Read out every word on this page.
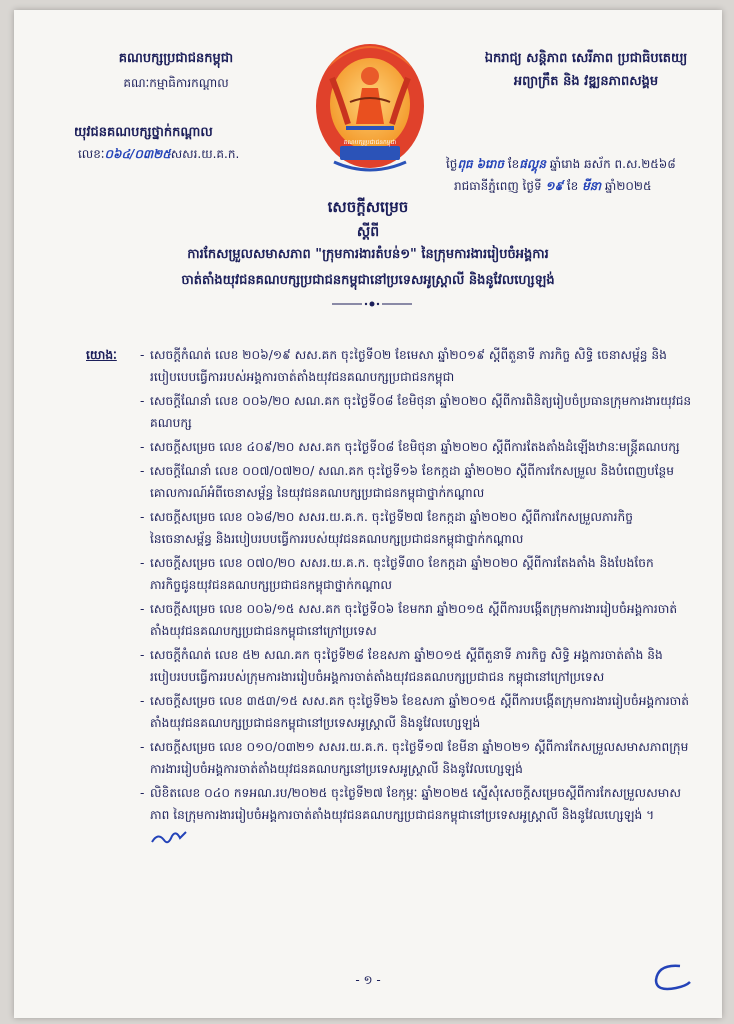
គណបក្សប្រជាជនកម្ពុជា
គណៈកម្មាធិការកណ្តាល
យុវជនគណបក្សថ្នាក់កណ្តាល
លេខៈ០៦៤/០៣២៥សសរ.យ.គ.ក.
គណបក្សប្រជាជនកម្ពុជា
ឯករាជ្យ សន្តិភាព សេរីភាព ប្រជាធិបតេយ្យ
អព្យាក្រឹត និង វឌ្ឍនភាពសង្គម
ថ្ងៃពុធ ៦រោច ខែផល្គុន ឆ្នាំរោង ឆស័ក ព.ស.២៥៦៨
រាជធានីភ្នំពេញ ថ្ងៃទី ១៩ ខែ មីនា ឆ្នាំ២០២៥
សេចក្តីសម្រេច
ស្តីពី
ការកែសម្រួលសមាសភាព "ក្រុមការងារតំបន់១" នៃក្រុមការងាររៀបចំអង្គការ
ចាត់តាំងយុវជនគណបក្សប្រជាជនកម្ពុជានៅប្រទេសអូស្ត្រាលី និងនូវែលហ្សេឡង់
យោងៈ
-	សេចក្តីកំណត់ លេខ ២០៦/១៩ សស.គក ចុះថ្ងៃទី០២ ខែមេសា ឆ្នាំ២០១៩ ស្តីពីតួនាទី ភារកិច្ច សិទ្ធិ ចេនាសម្ព័ន្ធ និងរបៀបបេបធ្វើការរបស់អង្គការចាត់តាំងយុវជនគណបក្សប្រជាជនកម្ពុជា
- សេចក្តីណែនាំ លេខ ០០៦/២០ សណ.គក ចុះថ្ងៃទី០៨ ខែមិថុនា ឆ្នាំ២០២០ ស្តីពីការពិនិត្យរៀបចំប្រធានក្រុមការងារយុវជនគណបក្ស
- សេចក្តីសម្រេច លេខ ៤០៩/២០ សស.គក ចុះថ្ងៃទី០៨ ខែមិថុនា ឆ្នាំ២០២០ ស្តីពីការតែងតាំងដំឡើងឋានៈមន្ត្រីគណបក្ស
- សេចក្តីណែនាំ លេខ ០០៧/០៧២០/ សណ.គក ចុះថ្ងៃទី១៦ ខែកក្កដា ឆ្នាំ២០២០ ស្តីពីការកែសម្រួល និងបំពេញបន្ថែមគោលការណ៍អំពីចេនាសម្ព័ន្ធ នៃយុវជនគណបក្សប្រជាជនកម្ពុជាថ្នាក់កណ្តាល
- សេចក្តីសម្រេច លេខ ០៦៨/២០ សសរ.យ.គ.ក. ចុះថ្ងៃទី២៧ ខែកក្កដា ឆ្នាំ២០២០ ស្តីពីការកែសម្រួលភារកិច្ច នៃចេនាសម្ព័ន្ធ និងរបៀបរបបធ្វើការរបស់យុវជនគណបក្សប្រជាជនកម្ពុជាថ្នាក់កណ្តាល
- សេចក្តីសម្រេច លេខ ០៧០/២០ សសរ.យ.គ.ក. ចុះថ្ងៃទី៣០ ខែកក្កដា ឆ្នាំ២០២០ ស្តីពីការតែងតាំង និងបែងចែកភារកិច្ចជូនយុវជនគណបក្សប្រជាជនកម្ពុជាថ្នាក់កណ្តាល
- សេចក្តីសម្រេច លេខ ០០៦/១៥ សស.គក ចុះថ្ងៃទី០៦ ខែមករា ឆ្នាំ២០១៥ ស្តីពីការបង្កើតក្រុមការងាររៀបចំអង្គការចាត់តាំងយុវជនគណបក្សប្រជាជនកម្ពុជានៅក្រៅប្រទេស
- សេចក្តីកំណត់ លេខ ៥២ សណ.គក ចុះថ្ងៃទី២៨ ខែឧសភា ឆ្នាំ២០១៥ ស្តីពីតួនាទី ភារកិច្ច សិទ្ធិ អង្គការចាត់តាំង និងរបៀបរបបធ្វើការរបស់ក្រុមការងាររៀបចំអង្គការចាត់តាំងយុវជនគណបក្សប្រជាជន កម្ពុជានៅក្រៅប្រទេស
- សេចក្តីសម្រេច លេខ ៣៥៣/១៥ សស.គក ចុះថ្ងៃទី២៦ ខែឧសភា ឆ្នាំ២០១៥ ស្តីពីការបង្កើតក្រុមការងាររៀបចំអង្គការចាត់តាំងយុវជនគណបក្សប្រជាជនកម្ពុជានៅប្រទេសអូស្ត្រាលី និងនូវែលហ្សេឡង់
- សេចក្តីសម្រេច លេខ ០១០/០៣២១ សសរ.យ.គ.ក. ចុះថ្ងៃទី១៧ ខែមីនា ឆ្នាំ២០២១ ស្តីពីការកែសម្រួលសមាសភាពក្រុមការងាររៀបចំអង្គការចាត់តាំងយុវជនគណបក្សនៅប្រទេសអូស្ត្រាលី និងនូវែលហ្សេឡង់
- លិខិតលេខ ០៤០ កទអណ.រប/២០២៥ ចុះថ្ងៃទី២៧ ខែកុម្ភៈ ឆ្នាំ២០២៥ ស្នើសុំសេចក្តីសម្រេចស្តីពីការកែសម្រួលសមាសភាព នៃក្រុមការងាររៀបចំអង្គការចាត់តាំងយុវជនគណបក្សប្រជាជនកម្ពុជានៅប្រទេសអូស្ត្រាលី និងនូវែលហ្សេឡង់ ។
- ១ -
